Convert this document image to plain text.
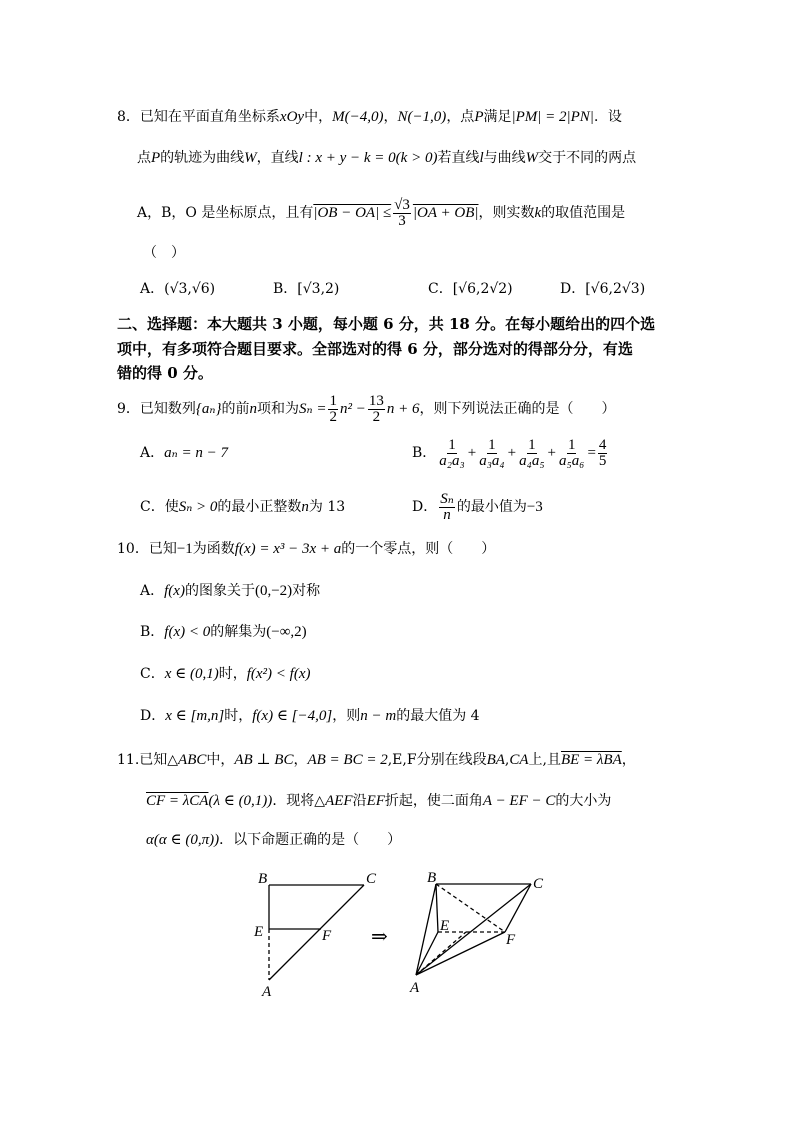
8．已知在平面直角坐标系xOy中，M(−4,0)，N(−1,0)，点P满足|PM| = 2|PN|．设
点P的轨迹为曲线W，直线l : x + y − k = 0(k > 0)若直线l与曲线W交于不同的两点
A，B，O 是坐标原点，且有$|OB - OA| \le \frac{√3}{3} |OA + OB|$，则实数k的取值范围是
（　）
A．(√3,√6)	B．[√3,2)	C．[√6,2√2)	D．[√6,2√3)
二、选择题：本大题共 3 小题，每小题 6 分，共 18 分。在每小题给出的四个选
项中，有多项符合题目要求。全部选对的得 6 分，部分选对的得部分分，有选
错的得 0 分。
9．已知数列{aₙ}的前n项和为$S_n = \frac{1}{2} n^2 - \frac{13}{2}$ n + 6，则下列说法正确的是（　　）
A．aₙ = n − 7	B． $\frac{1}{\text{a₂a₃}} + \frac{1}{\text{a₃a₄}} + \frac{1}{\text{a₄a₅}} + \frac{1}{\text{a₅a₆}} = \frac{4}{5}$
C．使Sₙ > 0的最小正整数n为 13	D． $\frac{\text{Sₙ}}{n}$ 的最小值为−3
10．已知−1为函数f(x) = x³ − 3x + a的一个零点，则（　　）
A．f(x)的图象关于(0,−2)对称
B．f(x) < 0的解集为(−∞,2)
C．x ∈ (0,1)时，f(x²) < f(x)
D．x ∈ [m,n]时，f(x) ∈ [−4,0]，则n − m的最大值为 4
11.已知△ABC中，AB ⊥ BC，AB = BC = 2,E,F分别在线段BA,CA上,且BE = λBA，
CF = λCA(λ ∈ (0,1))．现将△AEF沿EF折起，使二面角A − EF − C的大小为
α(α ∈ (0,π))．以下命题正确的是（　　）
B	C
E	F
A
⇒
B	C
E
F
A
